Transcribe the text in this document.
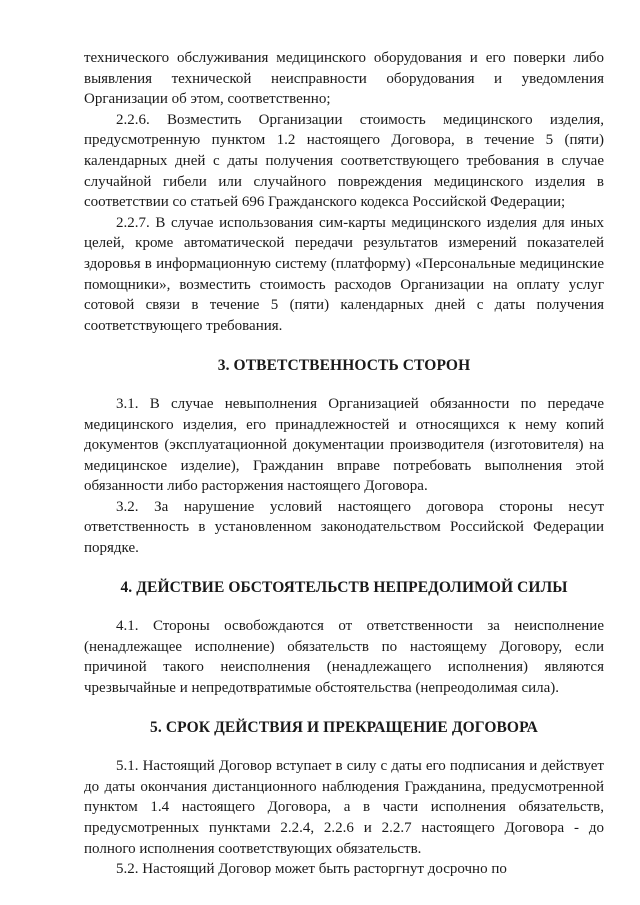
технического обслуживания медицинского оборудования и его поверки либо выявления технической неисправности оборудования и уведомления Организации об этом, соответственно;

2.2.6. Возместить Организации стоимость медицинского изделия, предусмотренную пунктом 1.2 настоящего Договора, в течение 5 (пяти) календарных дней с даты получения соответствующего требования в случае случайной гибели или случайного повреждения медицинского изделия в соответствии со статьей 696 Гражданского кодекса Российской Федерации;

2.2.7. В случае использования сим-карты медицинского изделия для иных целей, кроме автоматической передачи результатов измерений показателей здоровья в информационную систему (платформу) «Персональные медицинские помощники», возместить стоимость расходов Организации на оплату услуг сотовой связи в течение 5 (пяти) календарных дней с даты получения соответствующего требования.

3. ОТВЕТСТВЕННОСТЬ СТОРОН

3.1. В случае невыполнения Организацией обязанности по передаче медицинского изделия, его принадлежностей и относящихся к нему копий документов (эксплуатационной документации производителя (изготовителя) на медицинское изделие), Гражданин вправе потребовать выполнения этой обязанности либо расторжения настоящего Договора.

3.2. За нарушение условий настоящего договора стороны несут ответственность в установленном законодательством Российской Федерации порядке.

4. ДЕЙСТВИЕ ОБСТОЯТЕЛЬСТВ НЕПРЕДОЛИМОЙ СИЛЫ

4.1. Стороны освобождаются от ответственности за неисполнение (ненадлежащее исполнение) обязательств по настоящему Договору, если причиной такого неисполнения (ненадлежащего исполнения) являются чрезвычайные и непредотвратимые обстоятельства (непреодолимая сила).

5. СРОК ДЕЙСТВИЯ И ПРЕКРАЩЕНИЕ ДОГОВОРА

5.1. Настоящий Договор вступает в силу с даты его подписания и действует до даты окончания дистанционного наблюдения Гражданина, предусмотренной пунктом 1.4 настоящего Договора, а в части исполнения обязательств, предусмотренных пунктами 2.2.4, 2.2.6 и 2.2.7 настоящего Договора - до полного исполнения соответствующих обязательств.

5.2. Настоящий Договор может быть расторгнут досрочно по
